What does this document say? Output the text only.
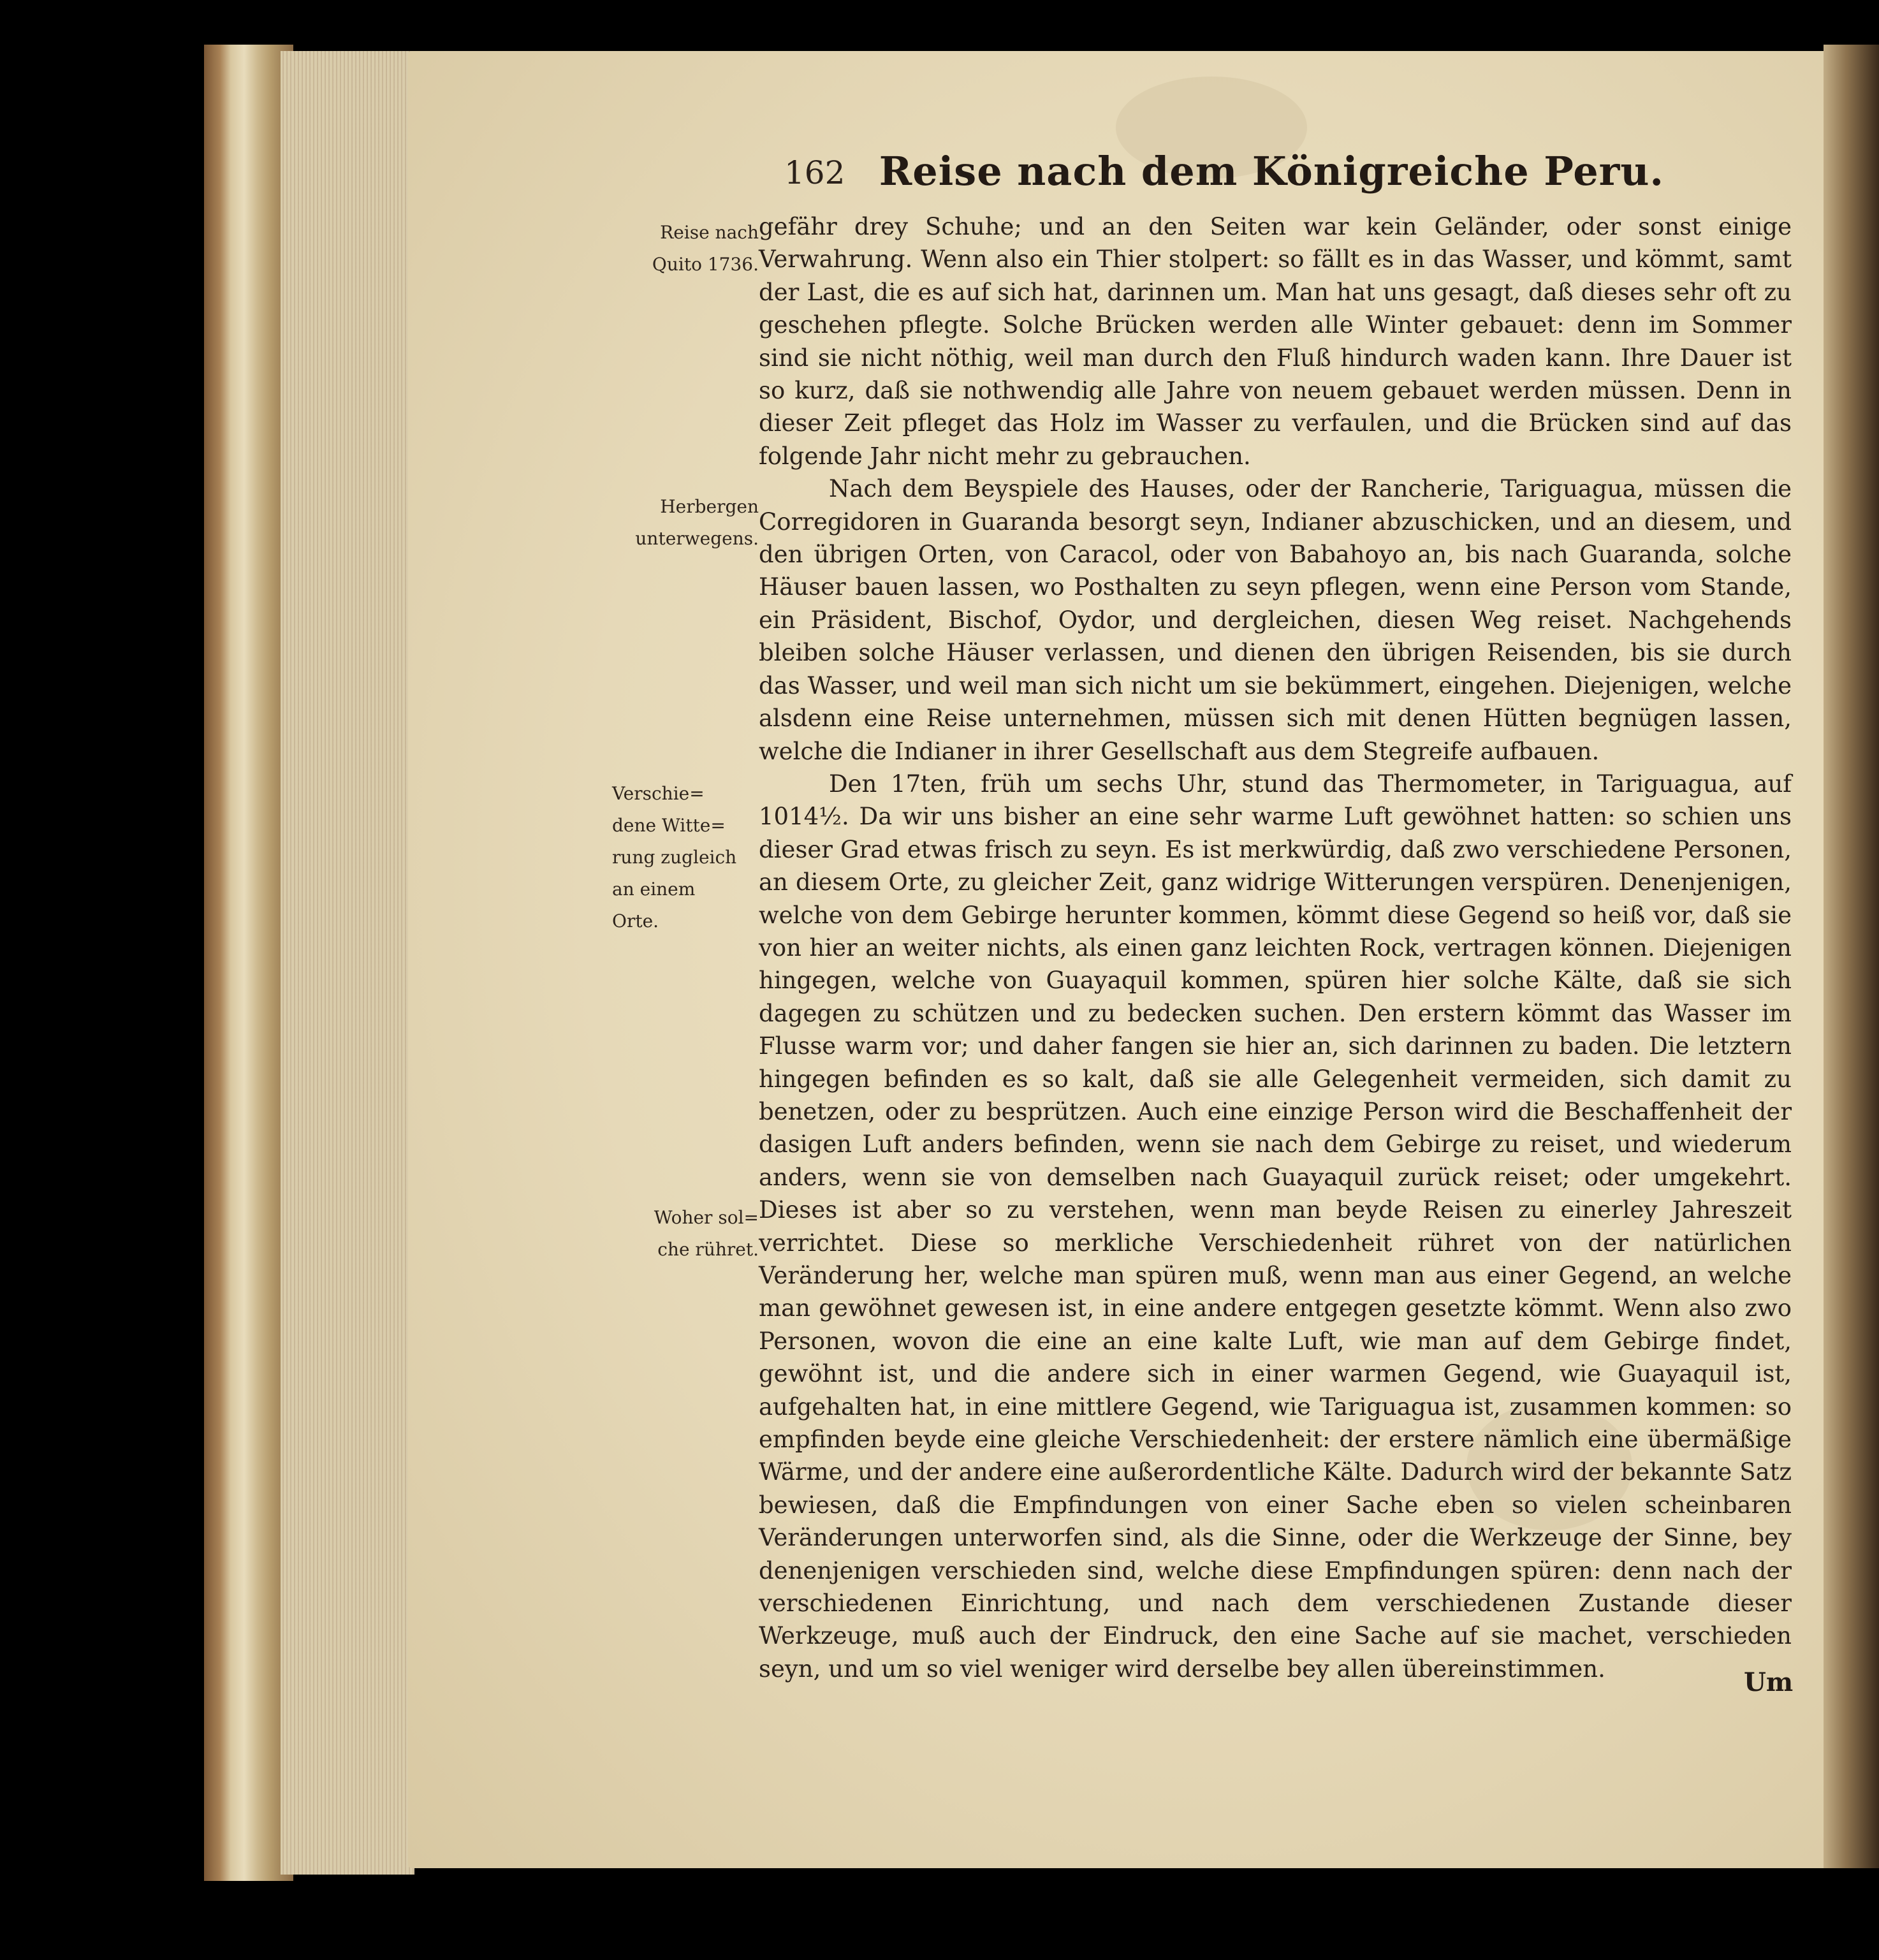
162 Reise nach dem Königreiche Peru.
Reise nach
Quito 1736.
Herbergen
unterwegens.
Verschie=
dene Witte=
rung zugleich
an einem
Orte.
Woher sol=
che rühret.

gefähr drey Schuhe; und an den Seiten war kein Geländer, oder sonst einige Verwahrung. Wenn also ein Thier stolpert: so fällt es in das Wasser, und kömmt, samt der Last, die es auf sich hat, darinnen um. Man hat uns gesagt, daß dieses sehr oft zu geschehen pflegte. Solche Brücken werden alle Winter gebauet: denn im Sommer sind sie nicht nöthig, weil man durch den Fluß hindurch waden kann. Ihre Dauer ist so kurz, daß sie nothwendig alle Jahre von neuem gebauet werden müssen. Denn in dieser Zeit pfleget das Holz im Wasser zu verfaulen, und die Brücken sind auf das folgende Jahr nicht mehr zu gebrauchen.

Nach dem Beyspiele des Hauses, oder der Rancherie, Tariguagua, müssen die Corregidoren in Guaranda besorgt seyn, Indianer abzuschicken, und an diesem, und den übrigen Orten, von Caracol, oder von Babahoyo an, bis nach Guaranda, solche Häuser bauen lassen, wo Posthalten zu seyn pflegen, wenn eine Person vom Stande, ein Präsident, Bischof, Oydor, und dergleichen, diesen Weg reiset. Nachgehends bleiben solche Häuser verlassen, und dienen den übrigen Reisenden, bis sie durch das Wasser, und weil man sich nicht um sie bekümmert, eingehen. Diejenigen, welche alsdenn eine Reise unternehmen, müssen sich mit denen Hütten begnügen lassen, welche die Indianer in ihrer Gesellschaft aus dem Stegreife aufbauen.

Den 17ten, früh um sechs Uhr, stund das Thermometer, in Tariguagua, auf 1014½. Da wir uns bisher an eine sehr warme Luft gewöhnet hatten: so schien uns dieser Grad etwas frisch zu seyn. Es ist merkwürdig, daß zwo verschiedene Personen, an diesem Orte, zu gleicher Zeit, ganz widrige Witterungen verspüren. Denenjenigen, welche von dem Gebirge herunter kommen, kömmt diese Gegend so heiß vor, daß sie von hier an weiter nichts, als einen ganz leichten Rock, vertragen können. Diejenigen hingegen, welche von Guayaquil kommen, spüren hier solche Kälte, daß sie sich dagegen zu schützen und zu bedecken suchen. Den erstern kömmt das Wasser im Flusse warm vor; und daher fangen sie hier an, sich darinnen zu baden. Die letztern hingegen befinden es so kalt, daß sie alle Gelegenheit vermeiden, sich damit zu benetzen, oder zu besprützen. Auch eine einzige Person wird die Beschaffenheit der dasigen Luft anders befinden, wenn sie nach dem Gebirge zu reiset, und wiederum anders, wenn sie von demselben nach Guayaquil zurück reiset; oder umgekehrt. Dieses ist aber so zu verstehen, wenn man beyde Reisen zu einerley Jahreszeit verrichtet. Diese so merkliche Verschiedenheit rühret von der natürlichen Veränderung her, welche man spüren muß, wenn man aus einer Gegend, an welche man gewöhnet gewesen ist, in eine andere entgegen gesetzte kömmt. Wenn also zwo Personen, wovon die eine an eine kalte Luft, wie man auf dem Gebirge findet, gewöhnt ist, und die andere sich in einer warmen Gegend, wie Guayaquil ist, aufgehalten hat, in eine mittlere Gegend, wie Tariguagua ist, zusammen kommen: so empfinden beyde eine gleiche Verschiedenheit: der erstere nämlich eine übermäßige Wärme, und der andere eine außerordentliche Kälte. Dadurch wird der bekannte Satz bewiesen, daß die Empfindungen von einer Sache eben so vielen scheinbaren Veränderungen unterworfen sind, als die Sinne, oder die Werkzeuge der Sinne, bey denenjenigen verschieden sind, welche diese Empfindungen spüren: denn nach der verschiedenen Einrichtung, und nach dem verschiedenen Zustande dieser Werkzeuge, muß auch der Eindruck, den eine Sache auf sie machet, verschieden seyn, und um so viel weniger wird derselbe bey allen übereinstimmen.	Um
